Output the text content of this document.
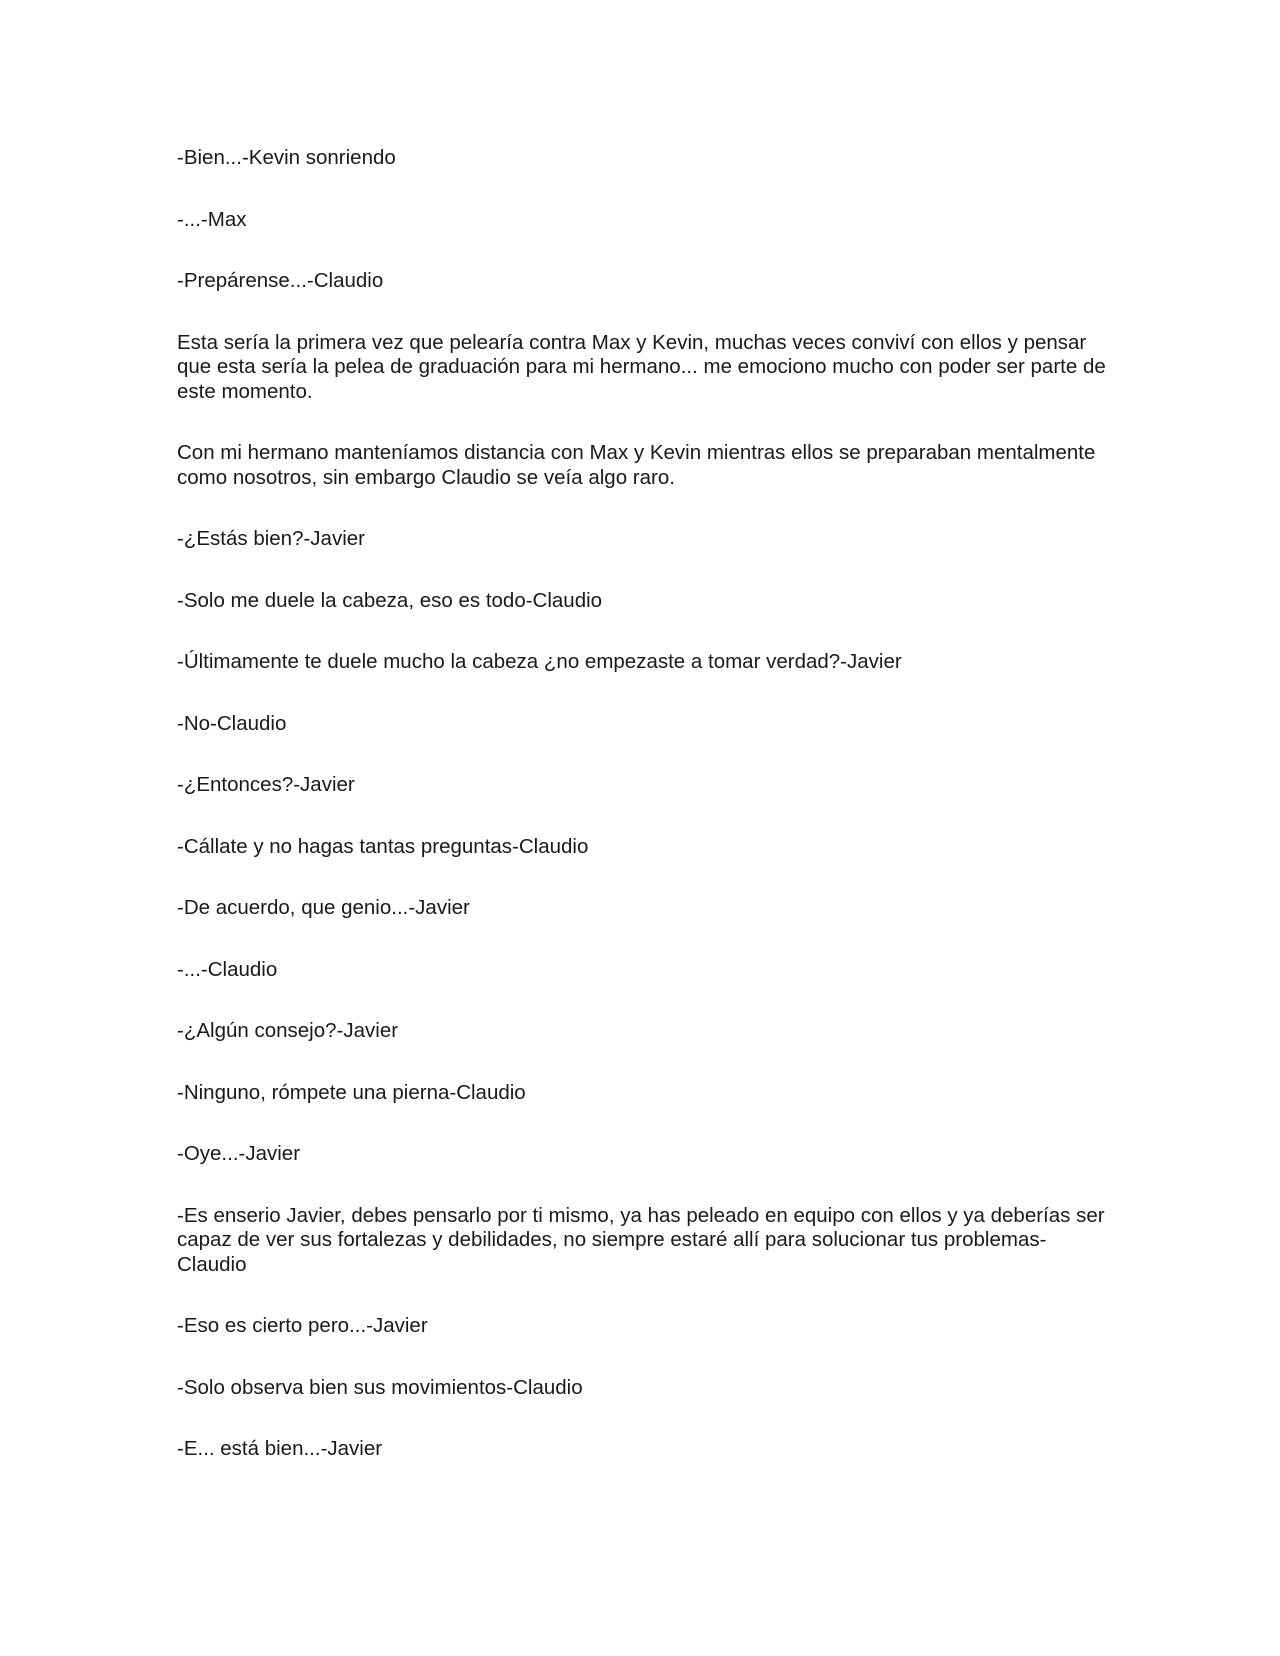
-Bien...-Kevin sonriendo

-...-Max

-Prepárense...-Claudio

Esta sería la primera vez que pelearía contra Max y Kevin, muchas veces conviví con ellos y pensar que esta sería la pelea de graduación para mi hermano... me emociono mucho con poder ser parte de este momento.

Con mi hermano manteníamos distancia con Max y Kevin mientras ellos se preparaban mentalmente como nosotros, sin embargo Claudio se veía algo raro.

-¿Estás bien?-Javier

-Solo me duele la cabeza, eso es todo-Claudio

-Últimamente te duele mucho la cabeza ¿no empezaste a tomar verdad?-Javier

-No-Claudio

-¿Entonces?-Javier

-Cállate y no hagas tantas preguntas-Claudio

-De acuerdo, que genio...-Javier

-...-Claudio

-¿Algún consejo?-Javier

-Ninguno, rómpete una pierna-Claudio

-Oye...-Javier

-Es enserio Javier, debes pensarlo por ti mismo, ya has peleado en equipo con ellos y ya deberías ser capaz de ver sus fortalezas y debilidades, no siempre estaré allí para solucionar tus problemas-Claudio

-Eso es cierto pero...-Javier

-Solo observa bien sus movimientos-Claudio

-E... está bien...-Javier
